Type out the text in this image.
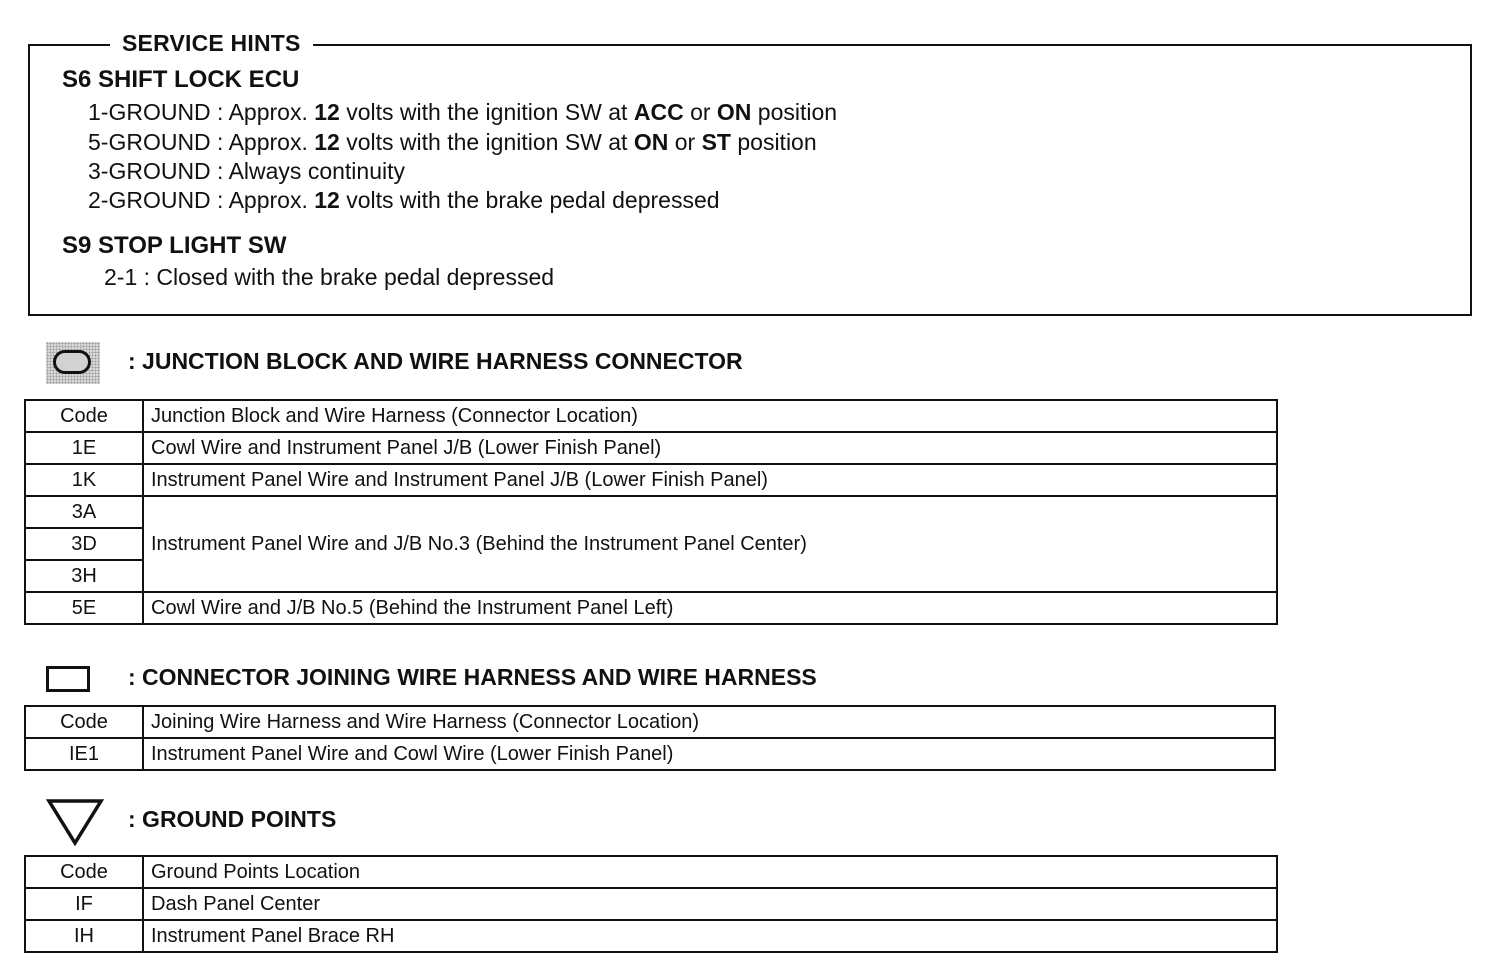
SERVICE HINTS
S6 SHIFT LOCK ECU
1-GROUND : Approx. 12 volts with the ignition SW at ACC or ON position
5-GROUND : Approx. 12 volts with the ignition SW at ON or ST position
3-GROUND : Always continuity
2-GROUND : Approx. 12 volts with the brake pedal depressed
S9 STOP LIGHT SW
2-1 : Closed with the brake pedal depressed
: JUNCTION BLOCK AND WIRE HARNESS CONNECTOR
Code	Junction Block and Wire Harness (Connector Location)
1E	Cowl Wire and Instrument Panel J/B (Lower Finish Panel)
1K	Instrument Panel Wire and Instrument Panel J/B (Lower Finish Panel)
3A	Instrument Panel Wire and J/B No.3 (Behind the Instrument Panel Center)
3D	
3H	
5E	Cowl Wire and J/B No.5 (Behind the Instrument Panel Left)
: CONNECTOR JOINING WIRE HARNESS AND WIRE HARNESS
Code	Joining Wire Harness and Wire Harness (Connector Location)
IE1	Instrument Panel Wire and Cowl Wire (Lower Finish Panel)
: GROUND POINTS
Code	Ground Points Location
IF	Dash Panel Center
IH	Instrument Panel Brace RH
